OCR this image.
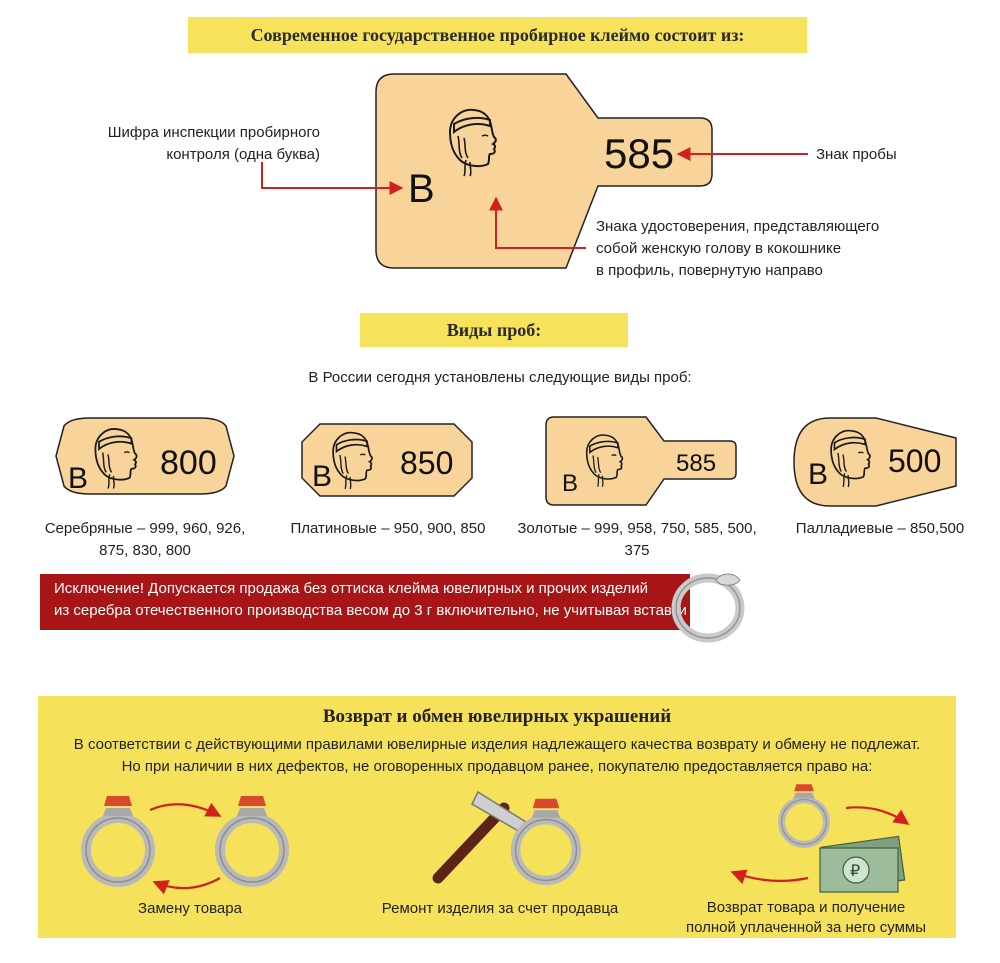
Современное государственное пробирное клеймо состоит из:
В
585
Шифра инспекции пробирного
контроля (одна буква)	Знак пробы
Знака удостоверения, представляющего
собой женскую голову в кокошнике
в профиль, повернутую направо
Виды проб:
В России сегодня установлены следующие виды проб:
В 800	В 850
В
585	В 500
Серебряные – 999, 960, 926,
875, 830, 800
Платиновые – 950, 900, 850	Золотые – 999, 958, 750, 585, 500, 375
Палладиевые – 850,500
Исключение! Допускается продажа без оттиска клейма ювелирных и прочих изделий
из серебра отечественного производства весом до 3 г включительно, не учитывая вставки
Возврат и обмен ювелирных украшений
В соответствии с действующими правилами ювелирные изделия надлежащего качества возврату и обмену не подлежат.
Но при наличии в них дефектов, не оговоренных продавцом ранее, покупателю предоставляется право на:
Замену товара	Ремонт изделия за счет продавца
₽
Возврат товара и получение
полной уплаченной за него суммы
